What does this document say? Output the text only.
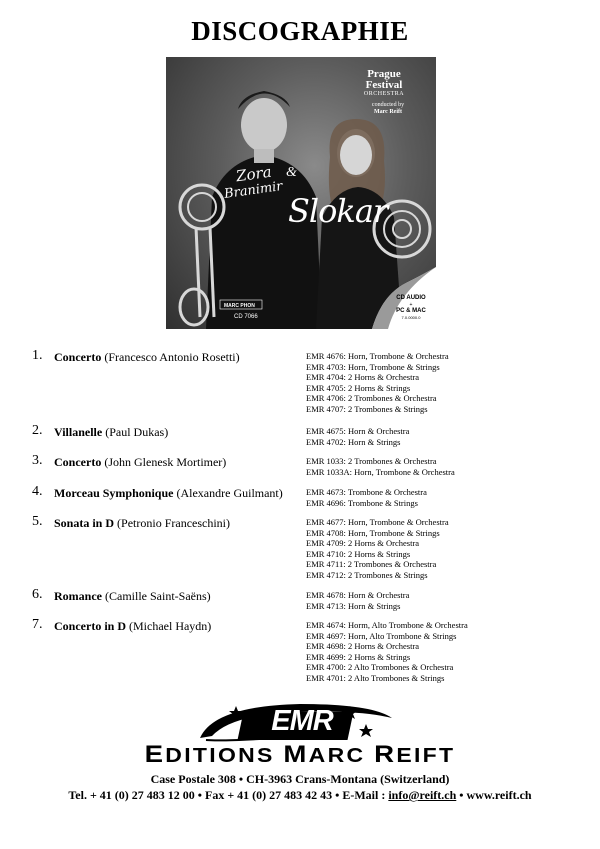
DISCOGRAPHIE
Prague
Festival
ORCHESTRA
conducted by
Marc Reift
Zora &
Branimir
Slokar
MARC PHON
CD 7066
CD AUDIO
+
PC & MAC
7.0.0000.0
1. Concerto (Francesco Antonio Rosetti)	EMR 4676: Horn, Trombone & Orchestra
EMR 4703: Horn, Trombone & Strings
EMR 4704: 2 Horns & Orchestra
EMR 4705: 2 Horns & Strings
EMR 4706: 2 Trombones & Orchestra
EMR 4707: 2 Trombones & Strings
2. Villanelle (Paul Dukas)	EMR 4675: Horn & Orchestra
EMR 4702: Horn & Strings
3. Concerto (John Glenesk Mortimer)	EMR 1033: 2 Trombones & Orchestra
EMR 1033A: Horn, Trombone & Orchestra
4. Morceau Symphonique (Alexandre Guilmant)	EMR 4673: Trombone & Orchestra
EMR 4696: Trombone & Strings
5. Sonata in D (Petronio Franceschini)	EMR 4677: Horn, Trombone & Orchestra
EMR 4708: Horn, Trombone & Strings
EMR 4709: 2 Horns & Orchestra
EMR 4710: 2 Horns & Strings
EMR 4711: 2 Trombones & Orchestra
EMR 4712: 2 Trombones & Strings
6. Romance (Camille Saint-Saëns)	EMR 4678: Horn & Orchestra
EMR 4713: Horn & Strings
7. Concerto in D (Michael Haydn)	EMR 4674: Horm, Alto Trombone & Orchestra
EMR 4697: Horn, Alto Trombone & Strings
EMR 4698: 2 Horns & Orchestra
EMR 4699: 2 Horns & Strings
EMR 4700: 2 Alto Trombones & Orchestra
EMR 4701: 2 Alto Trombones & Strings
EMR
EDITIONS MARC REIFT
Case Postale 308 • CH-3963 Crans-Montana (Switzerland)
Tel. + 41 (0) 27 483 12 00 • Fax + 41 (0) 27 483 42 43 • E-Mail : info@reift.ch • www.reift.ch
